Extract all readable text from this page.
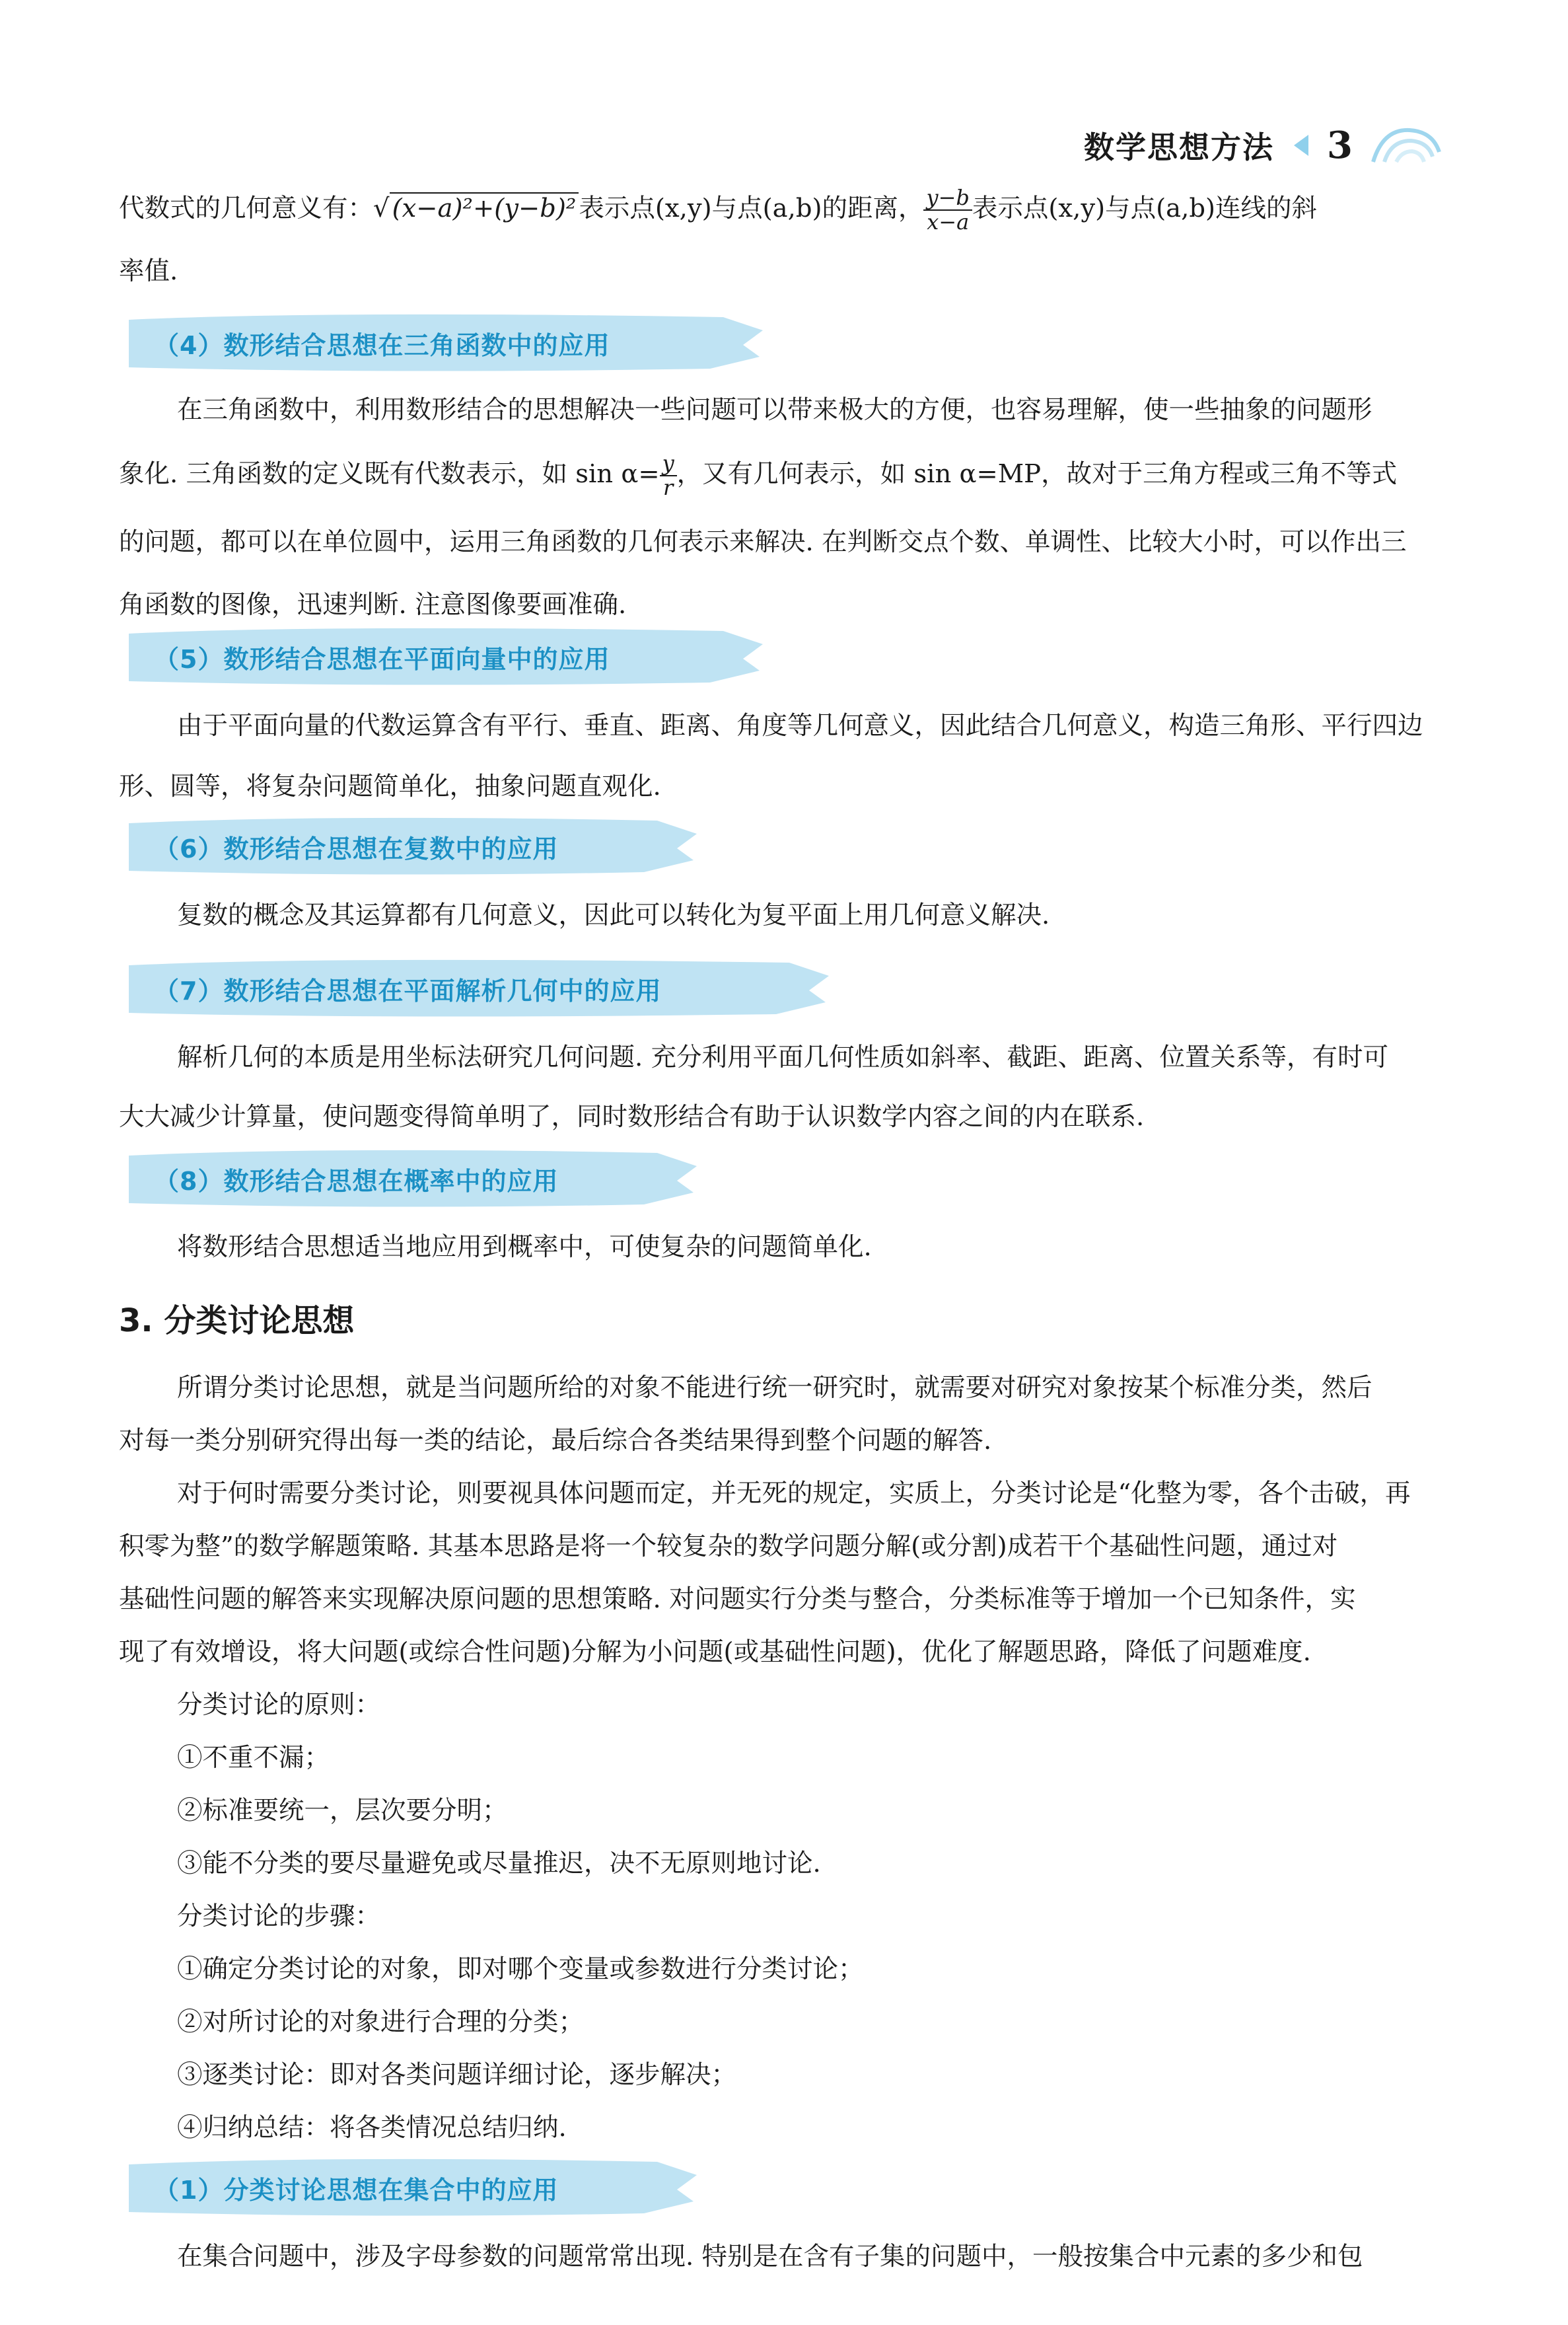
数学思想方法 3
代数式的几何意义有：√ (x−a)²+(y−b)² 表示点(x,y)与点(a,b)的距离， $\frac{y-b}{x-a}$ 表示点(x,y)与点(a,b)连线的斜
率值.
（4）数形结合思想在三角函数中的应用
在三角函数中，利用数形结合的思想解决一些问题可以带来极大的方便，也容易理解，使一些抽象的问题形
象化. 三角函数的定义既有代数表示，如 $\sin \alpha= \frac{y}{r}$ ，又有几何表示，如 sin α=MP，故对于三角方程或三角不等式
的问题，都可以在单位圆中，运用三角函数的几何表示来解决. 在判断交点个数、单调性、比较大小时，可以作出三
角函数的图像，迅速判断. 注意图像要画准确.
（5）数形结合思想在平面向量中的应用
由于平面向量的代数运算含有平行、垂直、距离、角度等几何意义，因此结合几何意义，构造三角形、平行四边
形、圆等，将复杂问题简单化，抽象问题直观化.
（6）数形结合思想在复数中的应用
复数的概念及其运算都有几何意义，因此可以转化为复平面上用几何意义解决.
（7）数形结合思想在平面解析几何中的应用
解析几何的本质是用坐标法研究几何问题. 充分利用平面几何性质如斜率、截距、距离、位置关系等，有时可
大大减少计算量，使问题变得简单明了，同时数形结合有助于认识数学内容之间的内在联系.
（8）数形结合思想在概率中的应用
将数形结合思想适当地应用到概率中，可使复杂的问题简单化.
3. 分类讨论思想
所谓分类讨论思想，就是当问题所给的对象不能进行统一研究时，就需要对研究对象按某个标准分类，然后
对每一类分别研究得出每一类的结论，最后综合各类结果得到整个问题的解答.
对于何时需要分类讨论，则要视具体问题而定，并无死的规定，实质上，分类讨论是“化整为零，各个击破，再
积零为整”的数学解题策略. 其基本思路是将一个较复杂的数学问题分解(或分割)成若干个基础性问题，通过对
基础性问题的解答来实现解决原问题的思想策略. 对问题实行分类与整合，分类标准等于增加一个已知条件，实
现了有效增设，将大问题(或综合性问题)分解为小问题(或基础性问题)，优化了解题思路，降低了问题难度.
分类讨论的原则：
①不重不漏；
②标准要统一，层次要分明；
③能不分类的要尽量避免或尽量推迟，决不无原则地讨论.
分类讨论的步骤：
①确定分类讨论的对象，即对哪个变量或参数进行分类讨论；
②对所讨论的对象进行合理的分类；
③逐类讨论：即对各类问题详细讨论，逐步解决；
④归纳总结：将各类情况总结归纳.
（1）分类讨论思想在集合中的应用
在集合问题中，涉及字母参数的问题常常出现. 特别是在含有子集的问题中，一般按集合中元素的多少和包
